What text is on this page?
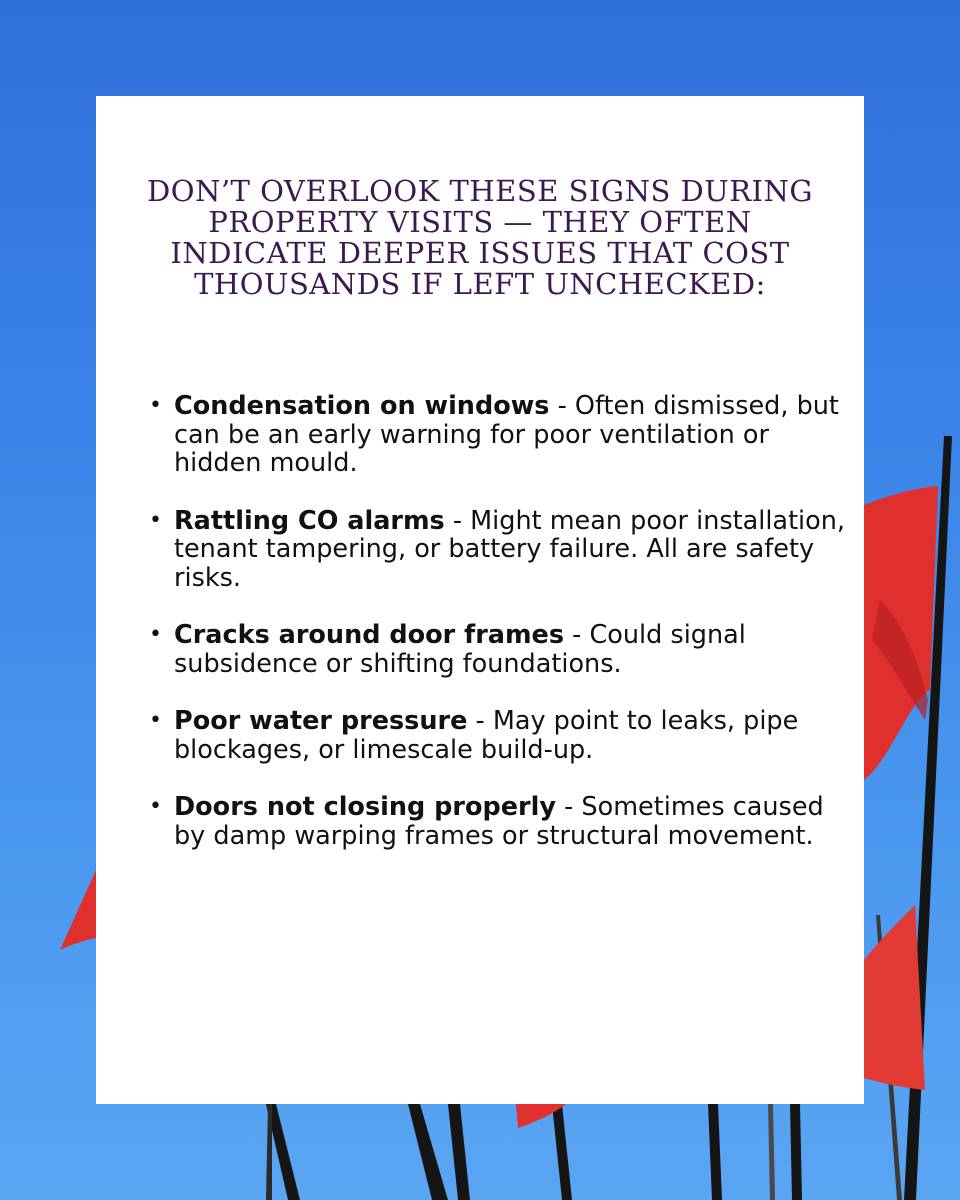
DON’T OVERLOOK THESE SIGNS DURING PROPERTY VISITS — THEY OFTEN INDICATE DEEPER ISSUES THAT COST THOUSANDS IF LEFT UNCHECKED:
• Condensation on windows - Often dismissed, but can be an early warning for poor ventilation or hidden mould.
• Rattling CO alarms - Might mean poor installation, tenant tampering, or battery failure. All are safety risks.
• Cracks around door frames - Could signal subsidence or shifting foundations.
• Poor water pressure - May point to leaks, pipe blockages, or limescale build-up.
• Doors not closing properly - Sometimes caused by damp warping frames or structural movement.
